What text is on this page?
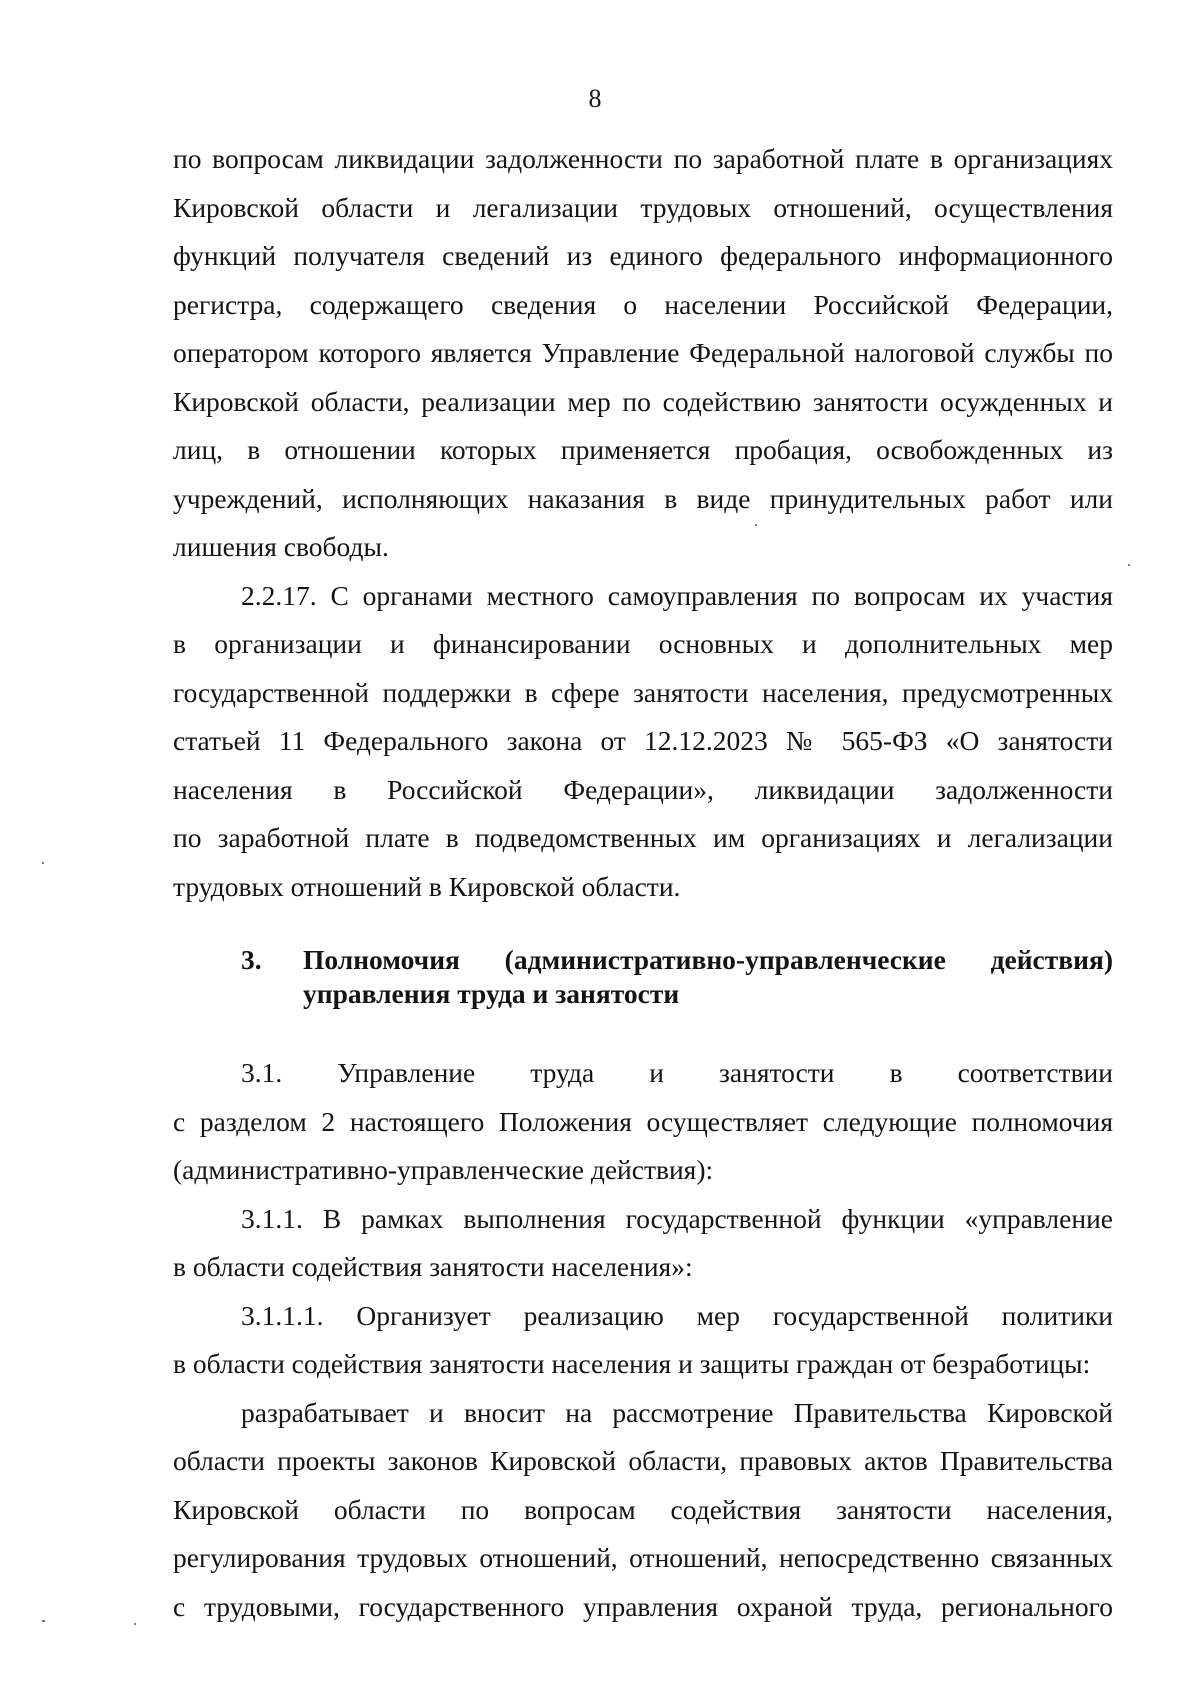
8
по вопросам ликвидации задолженности по заработной плате в организациях
Кировской области и легализации трудовых отношений, осуществления
функций получателя сведений из единого федерального информационного
регистра, содержащего сведения о населении Российской Федерации,
оператором которого является Управление Федеральной налоговой службы по
Кировской области, реализации мер по содействию занятости осужденных и
лиц, в отношении которых применяется пробация, освобожденных из
учреждений, исполняющих наказания в виде принудительных работ или
лишения свободы.
2.2.17. С органами местного самоуправления по вопросам их участия
в организации и финансировании основных и дополнительных мер
государственной поддержки в сфере занятости населения, предусмотренных
статьей 11 Федерального закона от 12.12.2023 № 565-ФЗ «О занятости
населения в Российской Федерации», ликвидации задолженности
по заработной плате в подведомственных им организациях и легализации
трудовых отношений в Кировской области.
3. Полномочия (административно-управленческие действия)
управления труда и занятости
3.1. Управление труда и занятости в соответствии
с разделом 2 настоящего Положения осуществляет следующие полномочия
(административно-управленческие действия):
3.1.1. В рамках выполнения государственной функции «управление
в области содействия занятости населения»:
3.1.1.1. Организует реализацию мер государственной политики
в области содействия занятости населения и защиты граждан от безработицы:
разрабатывает и вносит на рассмотрение Правительства Кировской
области проекты законов Кировской области, правовых актов Правительства
Кировской области по вопросам содействия занятости населения,
регулирования трудовых отношений, отношений, непосредственно связанных
с трудовыми, государственного управления охраной труда, регионального
